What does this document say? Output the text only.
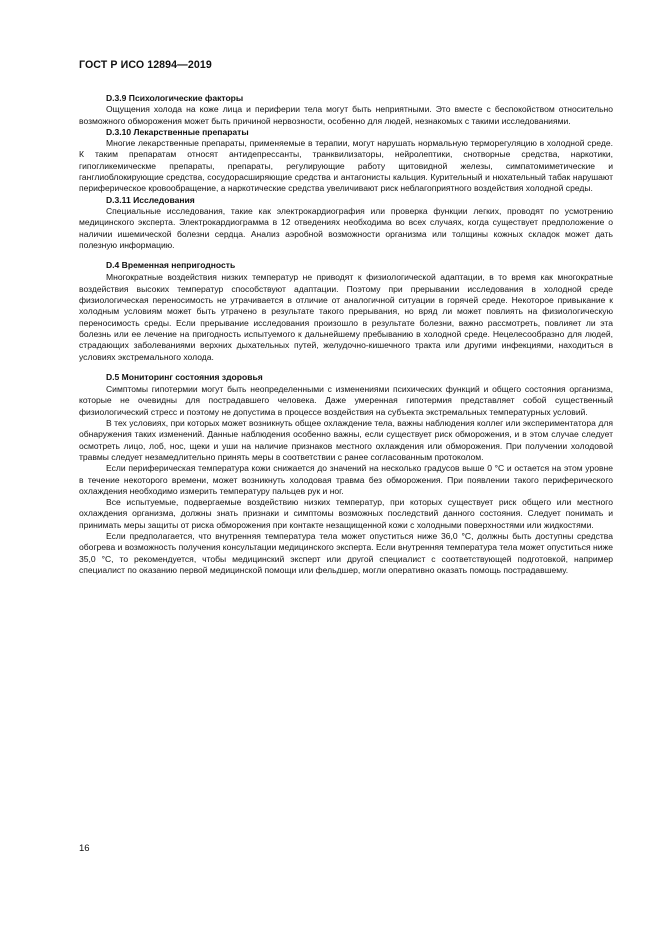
ГОСТ Р ИСО 12894—2019

D.3.9 Психологические факторы

Ощущения холода на коже лица и периферии тела могут быть неприятными. Это вместе с беспокойством относительно возможного обморожения может быть причиной нервозности, особенно для людей, незнакомых с такими исследованиями.

D.3.10 Лекарственные препараты

Многие лекарственные препараты, применяемые в терапии, могут нарушать нормальную терморегуляцию в холодной среде. К таким препаратам относят антидепрессанты, транквилизаторы, нейролептики, снотворные средства, наркотики, гипогликемическме препараты, препараты, регулирующие работу щитовидной железы, симпатомиметические и ганглиоблокирующие средства, сосудорасширяющие средства и антагонисты кальция. Курительный и нюхательный табак нарушают периферическое кровообращение, а наркотические средства увеличивают риск неблагоприятного воздействия холодной среды.

D.3.11 Исследования

Специальные исследования, такие как электрокардиография или проверка функции легких, проводят по усмотрению медицинского эксперта. Электрокардиограмма в 12 отведениях необходима во всех случаях, когда существует предположение о наличии ишемической болезни сердца. Анализ аэробной возможности организма или толщины кожных складок может дать полезную информацию.

D.4 Временная непригодность

Многократные воздействия низких температур не приводят к физиологической адаптации, в то время как многократные воздействия высоких температур способствуют адаптации. Поэтому при прерывании исследования в холодной среде физиологическая переносимость не утрачивается в отличие от аналогичной ситуации в горячей среде. Некоторое привыкание к холодным условиям может быть утрачено в результате такого прерывания, но вряд ли может повлиять на физиологическую переносимость среды. Если прерывание исследования произошло в результате болезни, важно рассмотреть, повлияет ли эта болезнь или ее лечение на пригодность испытуемого к дальнейшему пребыванию в холодной среде. Нецелесообразно для людей, страдающих заболеваниями верхних дыхательных путей, желудочно-кишечного тракта или другими инфекциями, находиться в условиях экстремального холода.

D.5 Мониторинг состояния здоровья

Симптомы гипотермии могут быть неопределенными с изменениями психических функций и общего состояния организма, которые не очевидны для пострадавшего человека. Даже умеренная гипотермия представляет собой существенный физиологический стресс и поэтому не допустима в процессе воздействия на субъекта экстремальных температурных условий.

В тех условиях, при которых может возникнуть общее охлаждение тела, важны наблюдения коллег или экспериментатора для обнаружения таких изменений. Данные наблюдения особенно важны, если существует риск обморожения, и в этом случае следует осмотреть лицо, лоб, нос, щеки и уши на наличие признаков местного охлаждения или обморожения. При получении холодовой травмы следует незамедлительно принять меры в соответствии с ранее согласованным протоколом.

Если периферическая температура кожи снижается до значений на несколько градусов выше 0 °C и остается на этом уровне в течение некоторого времени, может возникнуть холодовая травма без обморожения. При появлении такого периферического охлаждения необходимо измерить температуру пальцев рук и ног.

Все испытуемые, подвергаемые воздействию низких температур, при которых существует риск общего или местного охлаждения организма, должны знать признаки и симптомы возможных последствий данного состояния. Следует понимать и принимать меры защиты от риска обморожения при контакте незащищенной кожи с холодными поверхностями или жидкостями.

Если предполагается, что внутренняя температура тела может опуститься ниже 36,0 °C, должны быть доступны средства обогрева и возможность получения консультации медицинского эксперта. Если внутренняя температура тела может опуститься ниже 35,0 °C, то рекомендуется, чтобы медицинский эксперт или другой специалист с соответствующей подготовкой, например специалист по оказанию первой медицинской помощи или фельдшер, могли оперативно оказать помощь пострадавшему.

16
